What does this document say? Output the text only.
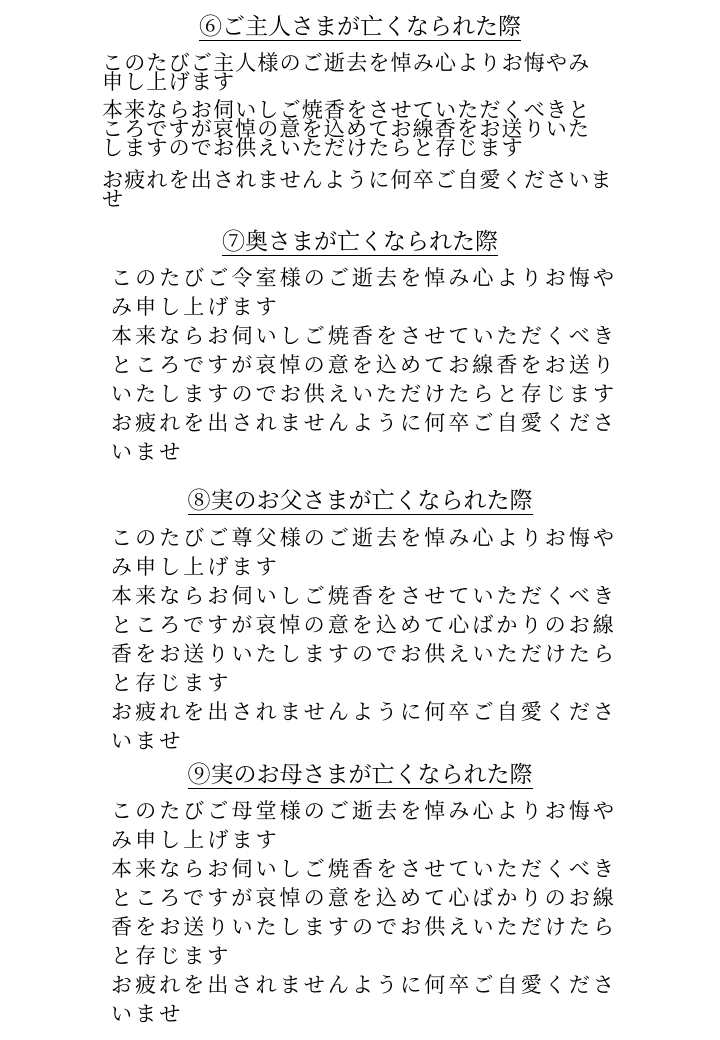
⑥ご主人さまが亡くなられた際
このたびご主人様のご逝去を悼み心よりお悔やみ
申し上げます
本来ならお伺いしご焼香をさせていただくべきと
ころですが哀悼の意を込めてお線香をお送りいた
しますのでお供えいただけたらと存じます
お疲れを出されませんように何卒ご自愛くださいま
せ
⑦奥さまが亡くなられた際
このたびご令室様のご逝去を悼み心よりお悔や
み申し上げます
本来ならお伺いしご焼香をさせていただくべき
ところですが哀悼の意を込めてお線香をお送り
いたしますのでお供えいただけたらと存じます
お疲れを出されませんように何卒ご自愛くださ
いませ
⑧実のお父さまが亡くなられた際
このたびご尊父様のご逝去を悼み心よりお悔や
み申し上げます
本来ならお伺いしご焼香をさせていただくべき
ところですが哀悼の意を込めて心ばかりのお線
香をお送りいたしますのでお供えいただけたら
と存じます
お疲れを出されませんように何卒ご自愛くださ
いませ
⑨実のお母さまが亡くなられた際
このたびご母堂様のご逝去を悼み心よりお悔や
み申し上げます
本来ならお伺いしご焼香をさせていただくべき
ところですが哀悼の意を込めて心ばかりのお線
香をお送りいたしますのでお供えいただけたら
と存じます
お疲れを出されませんように何卒ご自愛くださ
いませ
